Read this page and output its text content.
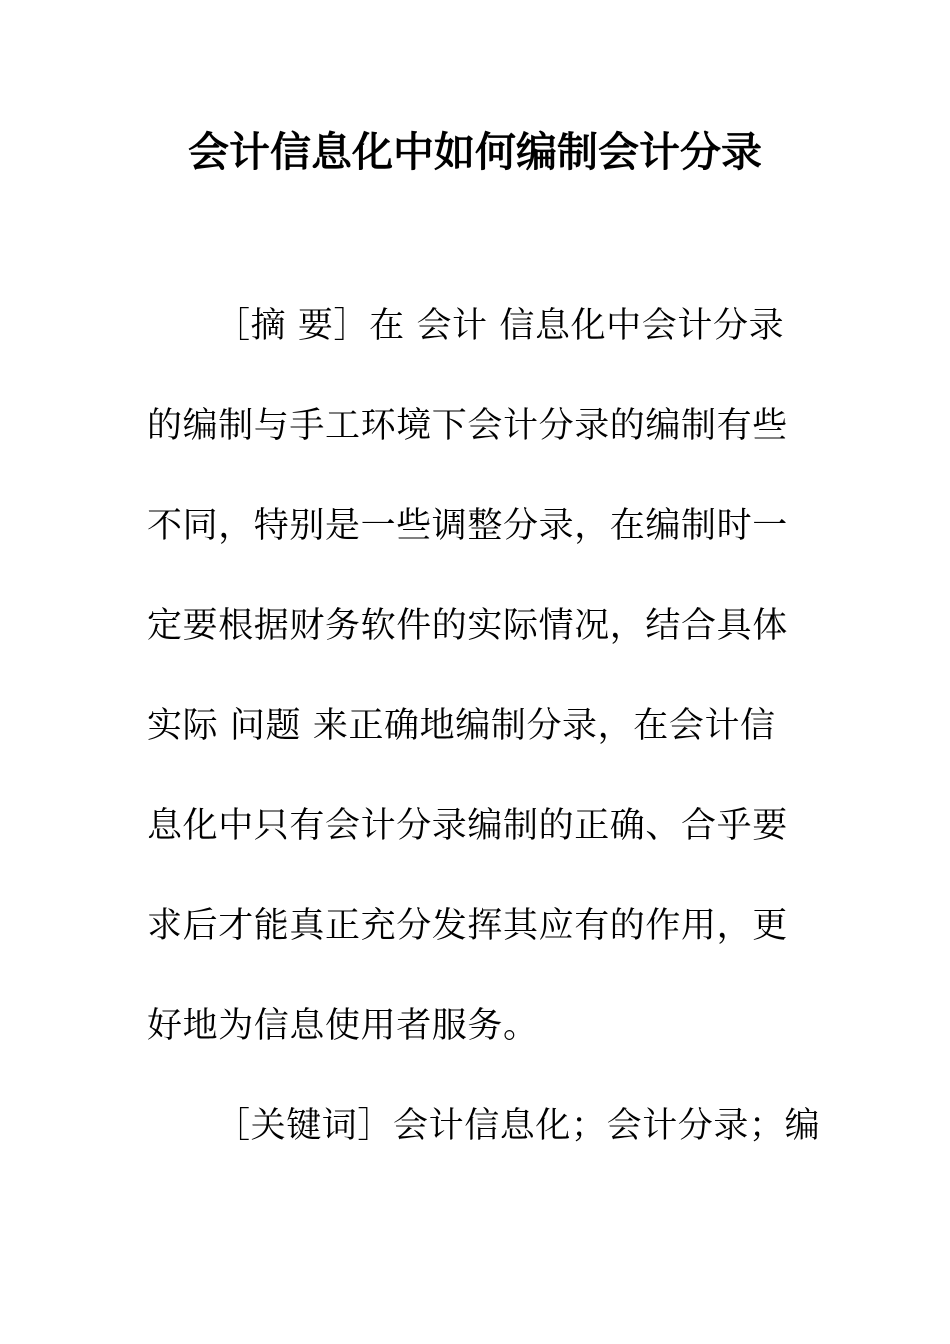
会计信息化中如何编制会计分录
［摘 要］在 会计 信息化中会计分录
的编制与手工环境下会计分录的编制有些
不同，特别是一些调整分录，在编制时一
定要根据财务软件的实际情况，结合具体
实际 问题 来正确地编制分录，在会计信
息化中只有会计分录编制的正确、合乎要
求后才能真正充分发挥其应有的作用，更
好地为信息使用者服务。
［关键词］会计信息化；会计分录；编
